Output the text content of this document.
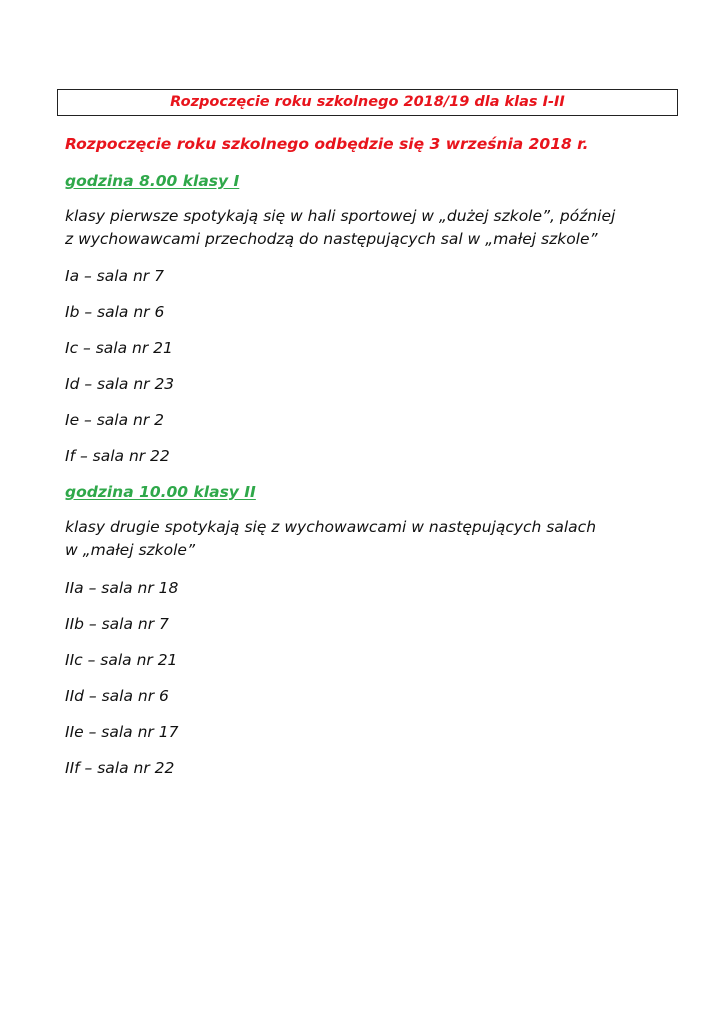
Rozpoczęcie roku szkolnego 2018/19 dla klas I-II
Rozpoczęcie roku szkolnego odbędzie się 3 września 2018 r.
godzina 8.00 klasy I
klasy pierwsze spotykają się w hali sportowej w „dużej szkole”, później
z wychowawcami przechodzą do następujących sal w „małej szkole”
Ia – sala nr 7
Ib – sala nr 6
Ic – sala nr 21
Id – sala nr 23
Ie – sala nr 2
If – sala nr 22
godzina 10.00 klasy II
klasy drugie spotykają się z wychowawcami w następujących salach
w „małej szkole”
IIa – sala nr 18
IIb – sala nr 7
IIc – sala nr 21
IId – sala nr 6
IIe – sala nr 17
IIf – sala nr 22
